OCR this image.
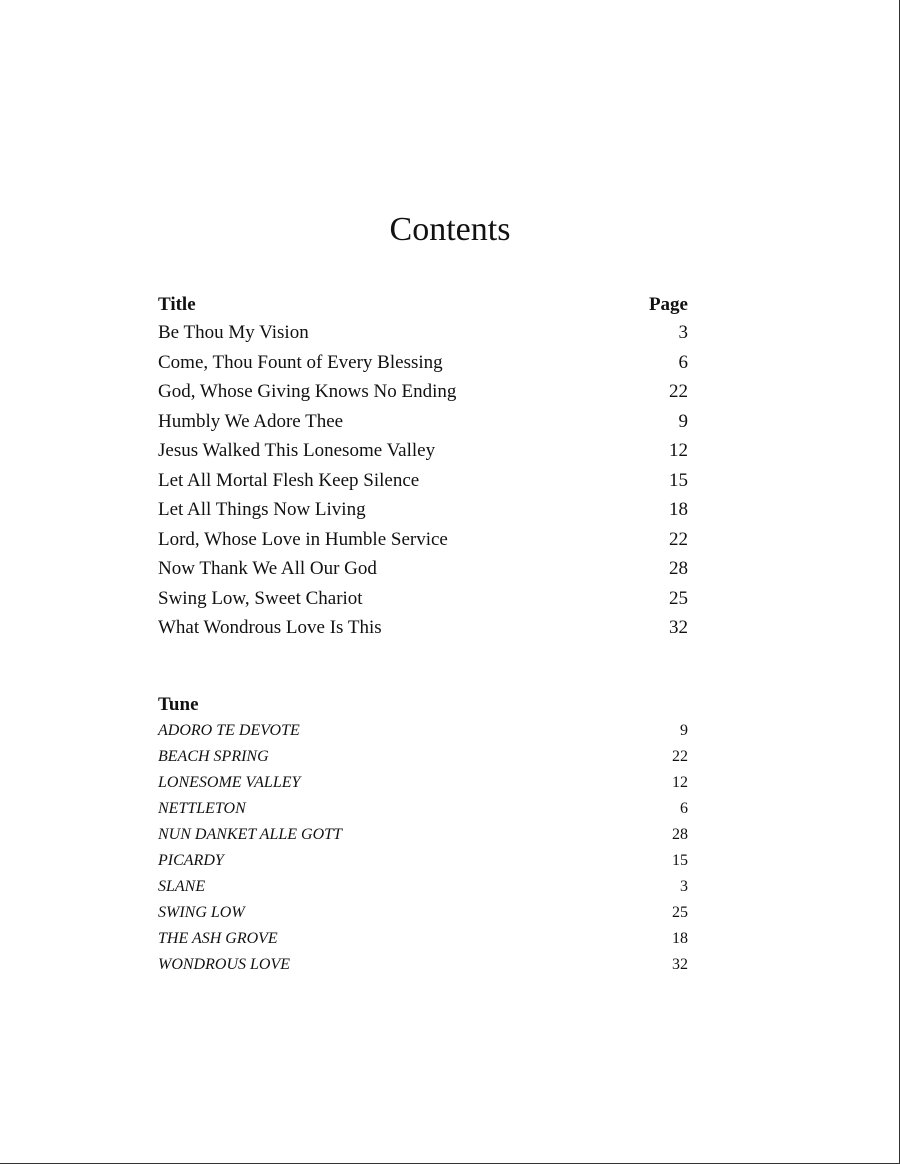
Contents
Title	Page
Be Thou My Vision	3
Come, Thou Fount of Every Blessing	6
God, Whose Giving Knows No Ending	22
Humbly We Adore Thee	9
Jesus Walked This Lonesome Valley	12
Let All Mortal Flesh Keep Silence	15
Let All Things Now Living	18
Lord, Whose Love in Humble Service	22
Now Thank We All Our God	28
Swing Low, Sweet Chariot	25
What Wondrous Love Is This	32
Tune
ADORO TE DEVOTE	9
BEACH SPRING	22
LONESOME VALLEY	12
NETTLETON	6
NUN DANKET ALLE GOTT	28
PICARDY	15
SLANE	3
SWING LOW	25
THE ASH GROVE	18
WONDROUS LOVE	32
